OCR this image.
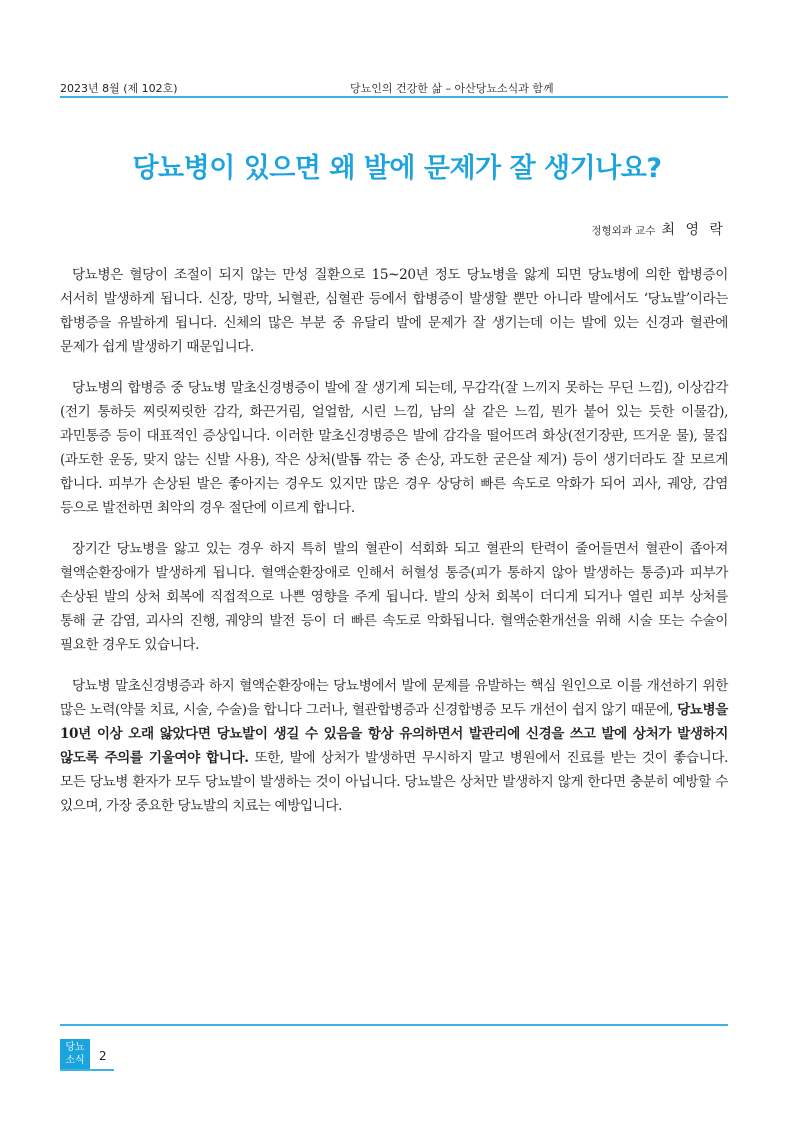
2023년 8월 (제 102호)	당뇨인의 건강한 삶 – 아산당뇨소식과 함께
당뇨병이 있으면 왜 발에 문제가 잘 생기나요?
정형외과 교수 최 영 락

당뇨병은 혈당이 조절이 되지 않는 만성 질환으로 15~20년 정도 당뇨병을 앓게 되면 당뇨병에 의한 합병증이 서서히 발생하게 됩니다. 신장, 망막, 뇌혈관, 심혈관 등에서 합병증이 발생할 뿐만 아니라 발에서도 ‘당뇨발’이라는 합병증을 유발하게 됩니다. 신체의 많은 부분 중 유달리 발에 문제가 잘 생기는데 이는 발에 있는 신경과 혈관에 문제가 쉽게 발생하기 때문입니다.

당뇨병의 합병증 중 당뇨병 말초신경병증이 발에 잘 생기게 되는데, 무감각(잘 느끼지 못하는 무딘 느낌), 이상감각(전기 통하듯 찌릿찌릿한 감각, 화끈거림, 얼얼함, 시린 느낌, 남의 살 같은 느낌, 뭔가 붙어 있는 듯한 이물감), 과민통증 등이 대표적인 증상입니다. 이러한 말초신경병증은 발에 감각을 떨어뜨려 화상(전기장판, 뜨거운 물), 물집(과도한 운동, 맞지 않는 신발 사용), 작은 상처(발톱 깎는 중 손상, 과도한 굳은살 제거) 등이 생기더라도 잘 모르게 합니다. 피부가 손상된 발은 좋아지는 경우도 있지만 많은 경우 상당히 빠른 속도로 악화가 되어 괴사, 궤양, 감염 등으로 발전하면 최악의 경우 절단에 이르게 합니다.

장기간 당뇨병을 앓고 있는 경우 하지 특히 발의 혈관이 석회화 되고 혈관의 탄력이 줄어들면서 혈관이 좁아져 혈액순환장애가 발생하게 됩니다. 혈액순환장애로 인해서 허혈성 통증(피가 통하지 않아 발생하는 통증)과 피부가 손상된 발의 상처 회복에 직접적으로 나쁜 영향을 주게 됩니다. 발의 상처 회복이 더디게 되거나 열린 피부 상처를 통해 균 감염, 괴사의 진행, 궤양의 발전 등이 더 빠른 속도로 악화됩니다. 혈액순환개선을 위해 시술 또는 수술이 필요한 경우도 있습니다.

당뇨병 말초신경병증과 하지 혈액순환장애는 당뇨병에서 발에 문제를 유발하는 핵심 원인으로 이를 개선하기 위한 많은 노력(약물 치료, 시술, 수술)을 합니다 그러나, 혈관합병증과 신경합병증 모두 개선이 쉽지 않기 때문에, 당뇨병을 10년 이상 오래 앓았다면 당뇨발이 생길 수 있음을 항상 유의하면서 발관리에 신경을 쓰고 발에 상처가 발생하지 않도록 주의를 기울여야 합니다. 또한, 발에 상처가 발생하면 무시하지 말고 병원에서 진료를 받는 것이 좋습니다. 모든 당뇨병 환자가 모두 당뇨발이 발생하는 것이 아닙니다. 당뇨발은 상처만 발생하지 않게 한다면 충분히 예방할 수 있으며, 가장 중요한 당뇨발의 치료는 예방입니다.

당뇨
소식	2
